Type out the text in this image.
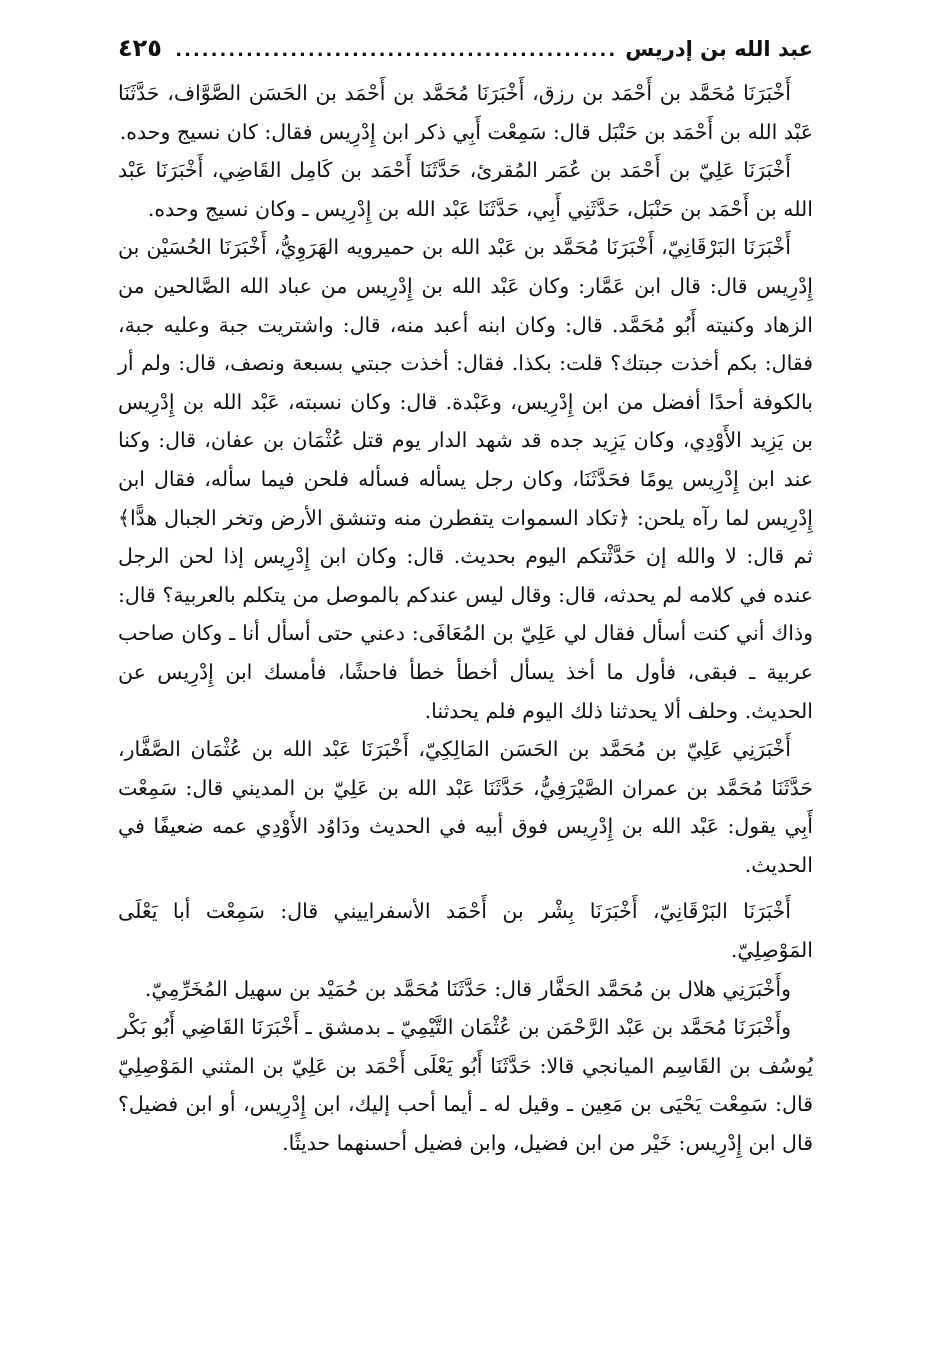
عبد الله بن إدريس
..................................................
٤٢٥

أَخْبَرَنَا مُحَمَّد بن أَحْمَد بن رزق، أَخْبَرَنَا مُحَمَّد بن أَحْمَد بن الحَسَن الصَّوَّاف، حَدَّثَنَا عَبْد الله بن أَحْمَد بن حَنْبَل قال: سَمِعْت أَبِي ذكر ابن إِدْرِيس فقال: كان نسيج وحده.

أَخْبَرَنَا عَلِيّ بن أَحْمَد بن عُمَر المُقرئ، حَدَّثَنَا أَحْمَد بن كَامِل القَاضِي، أَخْبَرَنَا عَبْد الله بن أَحْمَد بن حَنْبَل، حَدَّثَنِي أَبِي، حَدَّثَنَا عَبْد الله بن إِدْرِيس ـ وكان نسيج وحده.

أَخْبَرَنَا البَرْقَانِيّ، أَخْبَرَنَا مُحَمَّد بن عَبْد الله بن حميرويه الهَرَوِيُّ، أَخْبَرَنَا الحُسَيْن بن إِدْرِيس قال: قال ابن عَمَّار: وكان عَبْد الله بن إِدْرِيس من عباد الله الصَّالحين من الزهاد وكنيته أَبُو مُحَمَّد. قال: وكان ابنه أعبد منه، قال: واشتريت جبة وعليه جبة، فقال: بكم أخذت جبتك؟ قلت: بكذا. فقال: أخذت جبتي بسبعة ونصف، قال: ولم أر بالكوفة أحدًا أفضل من ابن إِدْرِيس، وعَبْدة. قال: وكان نسبته، عَبْد الله بن إِدْرِيس بن يَزِيد الأَوْدِي، وكان يَزِيد جده قد شهد الدار يوم قتل عُثْمَان بن عفان، قال: وكنا عند ابن إِدْرِيس يومًا فحَدَّثَنَا، وكان رجل يسأله فسأله فلحن فيما سأله، فقال ابن إِدْرِيس لما رآه يلحن: ﴿تكاد السموات يتفطرن منه وتنشق الأرض وتخر الجبال هدًّا﴾ ثم قال: لا والله إن حَدَّثْتكم اليوم بحديث. قال: وكان ابن إِدْرِيس إذا لحن الرجل عنده في كلامه لم يحدثه، قال: وقال ليس عندكم بالموصل من يتكلم بالعربية؟ قال: وذاك أني كنت أسأل فقال لي عَلِيّ بن المُعَافَى: دعني حتى أسأل أنا ـ وكان صاحب عربية ـ فبقى، فأول ما أخذ يسأل أخطأ خطأ فاحشًا، فأمسك ابن إِدْرِيس عن الحديث. وحلف ألا يحدثنا ذلك اليوم فلم يحدثنا.

أَخْبَرَنِي عَلِيّ بن مُحَمَّد بن الحَسَن المَالِكِيّ، أَخْبَرَنَا عَبْد الله بن عُثْمَان الصَّفَّار، حَدَّثَنَا مُحَمَّد بن عمران الصَّيْرَفِيُّ، حَدَّثَنَا عَبْد الله بن عَلِيّ بن المديني قال: سَمِعْت أَبِي يقول: عَبْد الله بن إِدْرِيس فوق أبيه في الحديث ودَاوُد الأَوْدِي عمه ضعيفًا في الحديث.

أَخْبَرَنَا البَرْقَانِيّ، أَخْبَرَنَا بِشْر بن أَحْمَد الأسفراييني قال: سَمِعْت أبا يَعْلَى المَوْصِلِيّ.

وأَخْبَرَنِي هلال بن مُحَمَّد الحَفَّار قال: حَدَّثَنَا مُحَمَّد بن حُمَيْد بن سهيل المُخَرِّمِيّ.

وأَخْبَرَنَا مُحَمَّد بن عَبْد الرَّحْمَن بن عُثْمَان التَّيْمِيّ ـ بدمشق ـ أَخْبَرَنَا القَاضِي أَبُو بَكْر يُوسُف بن القَاسِم الميانجي قالا: حَدَّثَنَا أَبُو يَعْلَى أَحْمَد بن عَلِيّ بن المثني المَوْصِلِيّ قال: سَمِعْت يَحْيَى بن مَعِين ـ وقيل له ـ أيما أحب إليك، ابن إِدْرِيس، أو ابن فضيل؟ قال ابن إِدْرِيس: خَيْر من ابن فضيل، وابن فضيل أحسنهما حديثًا.
